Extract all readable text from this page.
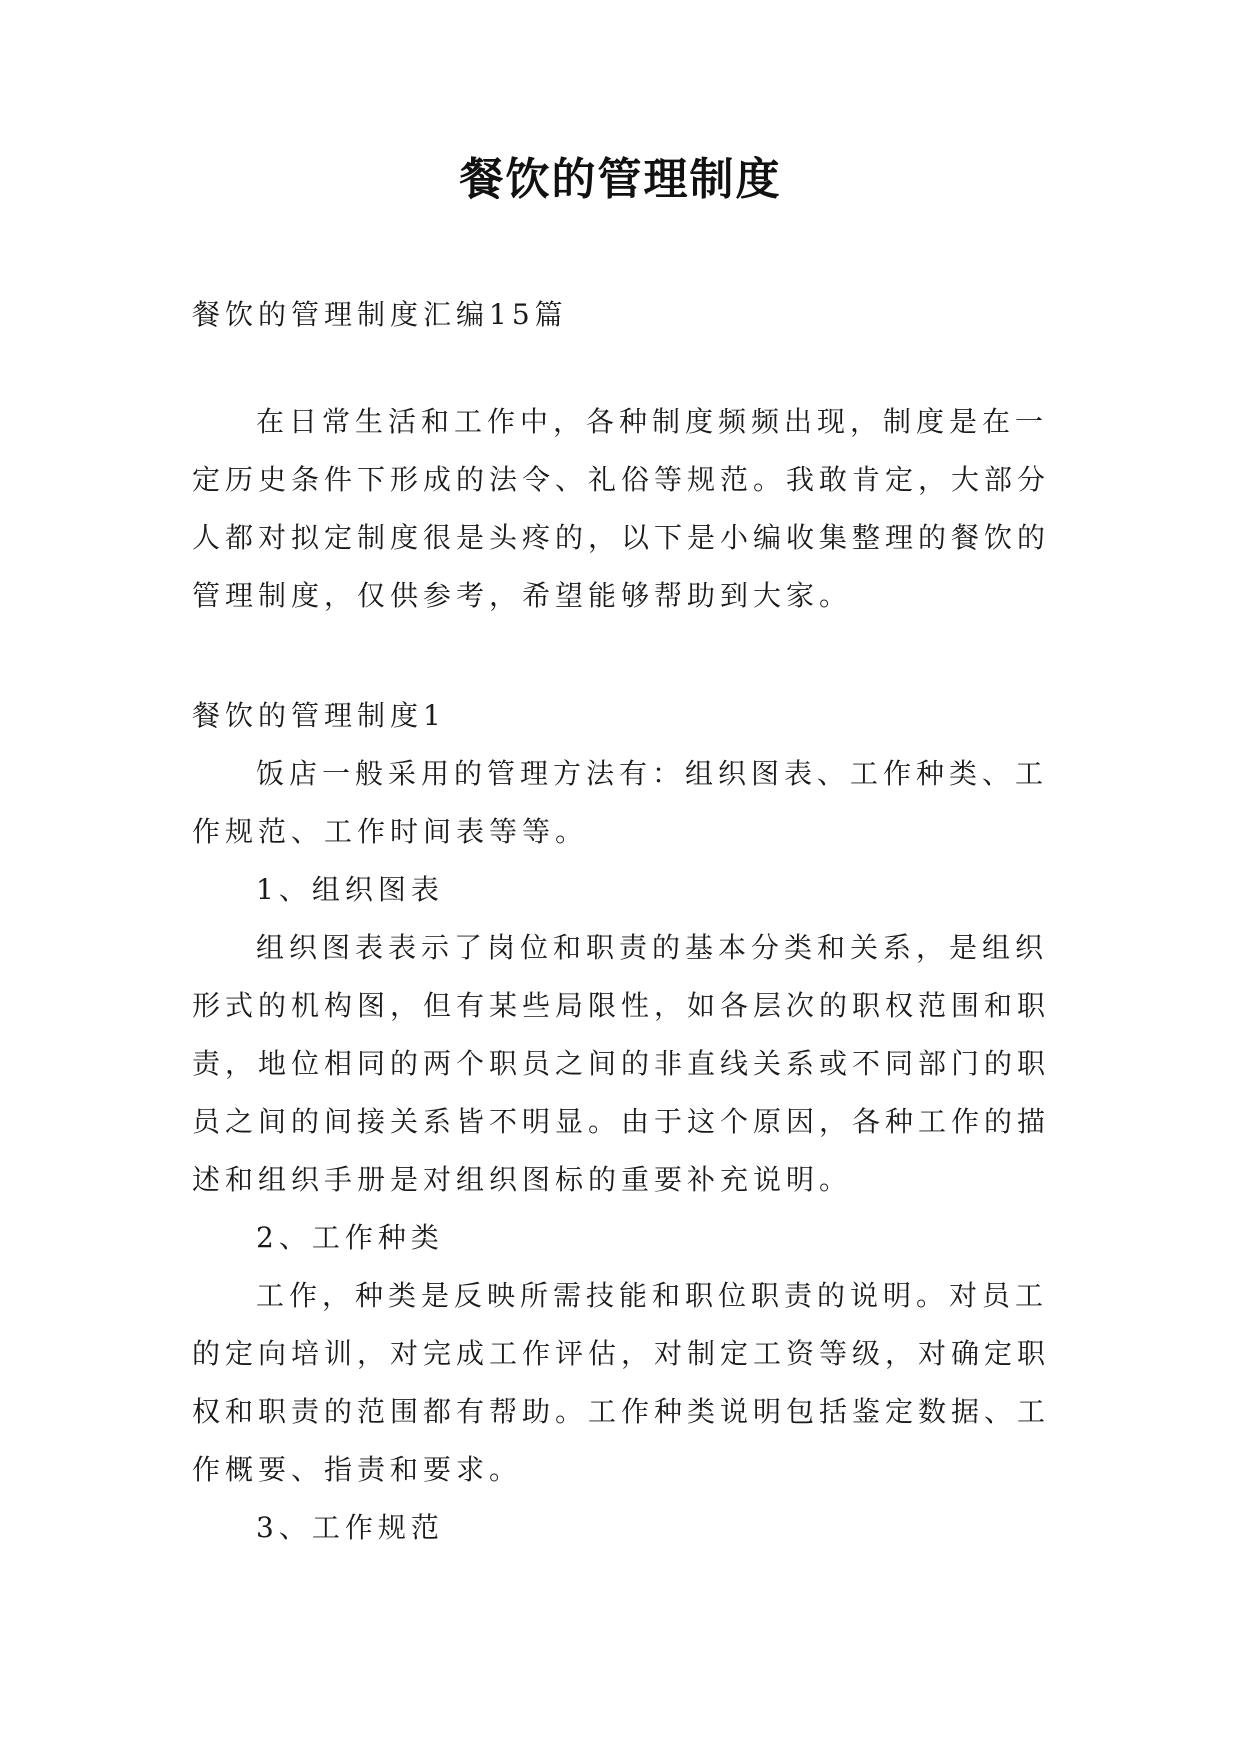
餐饮的管理制度
餐饮的管理制度汇编15篇
在日常生活和工作中，各种制度频频出现，制度是在一
定历史条件下形成的法令、礼俗等规范。我敢肯定，大部分
人都对拟定制度很是头疼的，以下是小编收集整理的餐饮的
管理制度，仅供参考，希望能够帮助到大家。
餐饮的管理制度1
饭店一般采用的管理方法有：组织图表、工作种类、工
作规范、工作时间表等等。
1、组织图表
组织图表表示了岗位和职责的基本分类和关系，是组织
形式的机构图，但有某些局限性，如各层次的职权范围和职
责，地位相同的两个职员之间的非直线关系或不同部门的职
员之间的间接关系皆不明显。由于这个原因，各种工作的描
述和组织手册是对组织图标的重要补充说明。
2、工作种类
工作，种类是反映所需技能和职位职责的说明。对员工
的定向培训，对完成工作评估，对制定工资等级，对确定职
权和职责的范围都有帮助。工作种类说明包括鉴定数据、工
作概要、指责和要求。
3、工作规范
